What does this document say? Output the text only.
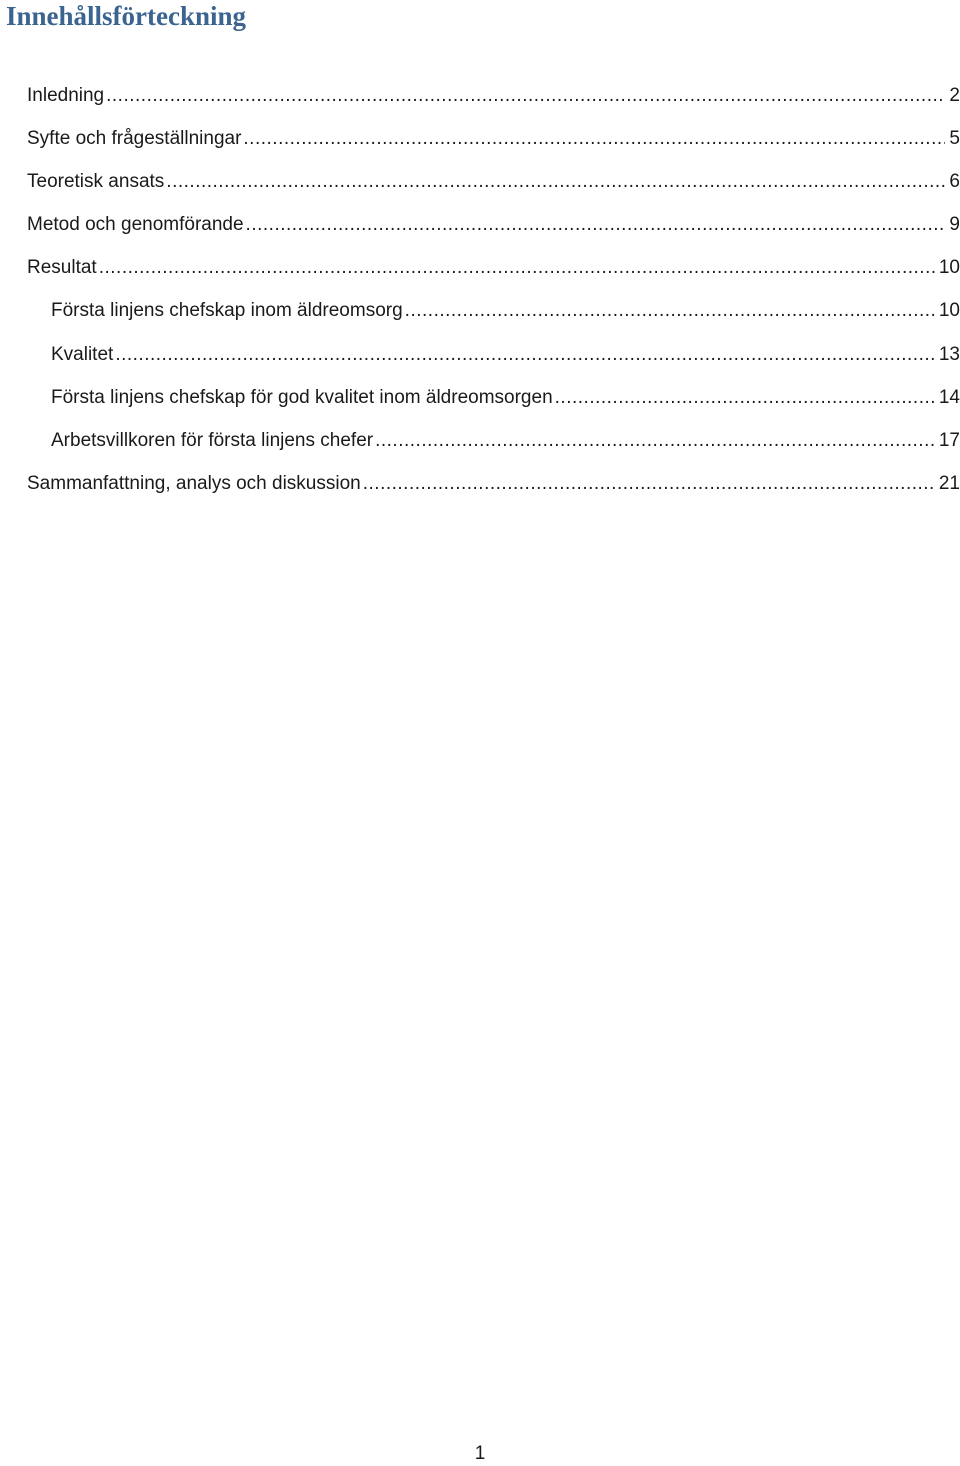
Innehållsförteckning
Inledning .....	2
Syfte och frågeställningar .....	5
Teoretisk ansats .....	6
Metod och genomförande .....	9
Resultat .....	10
Första linjens chefskap inom äldreomsorg .....	10
Kvalitet .....	13
Första linjens chefskap för god kvalitet inom äldreomsorgen .....	14
Arbetsvillkoren för första linjens chefer .....	17
Sammanfattning, analys och diskussion .....	21
1
